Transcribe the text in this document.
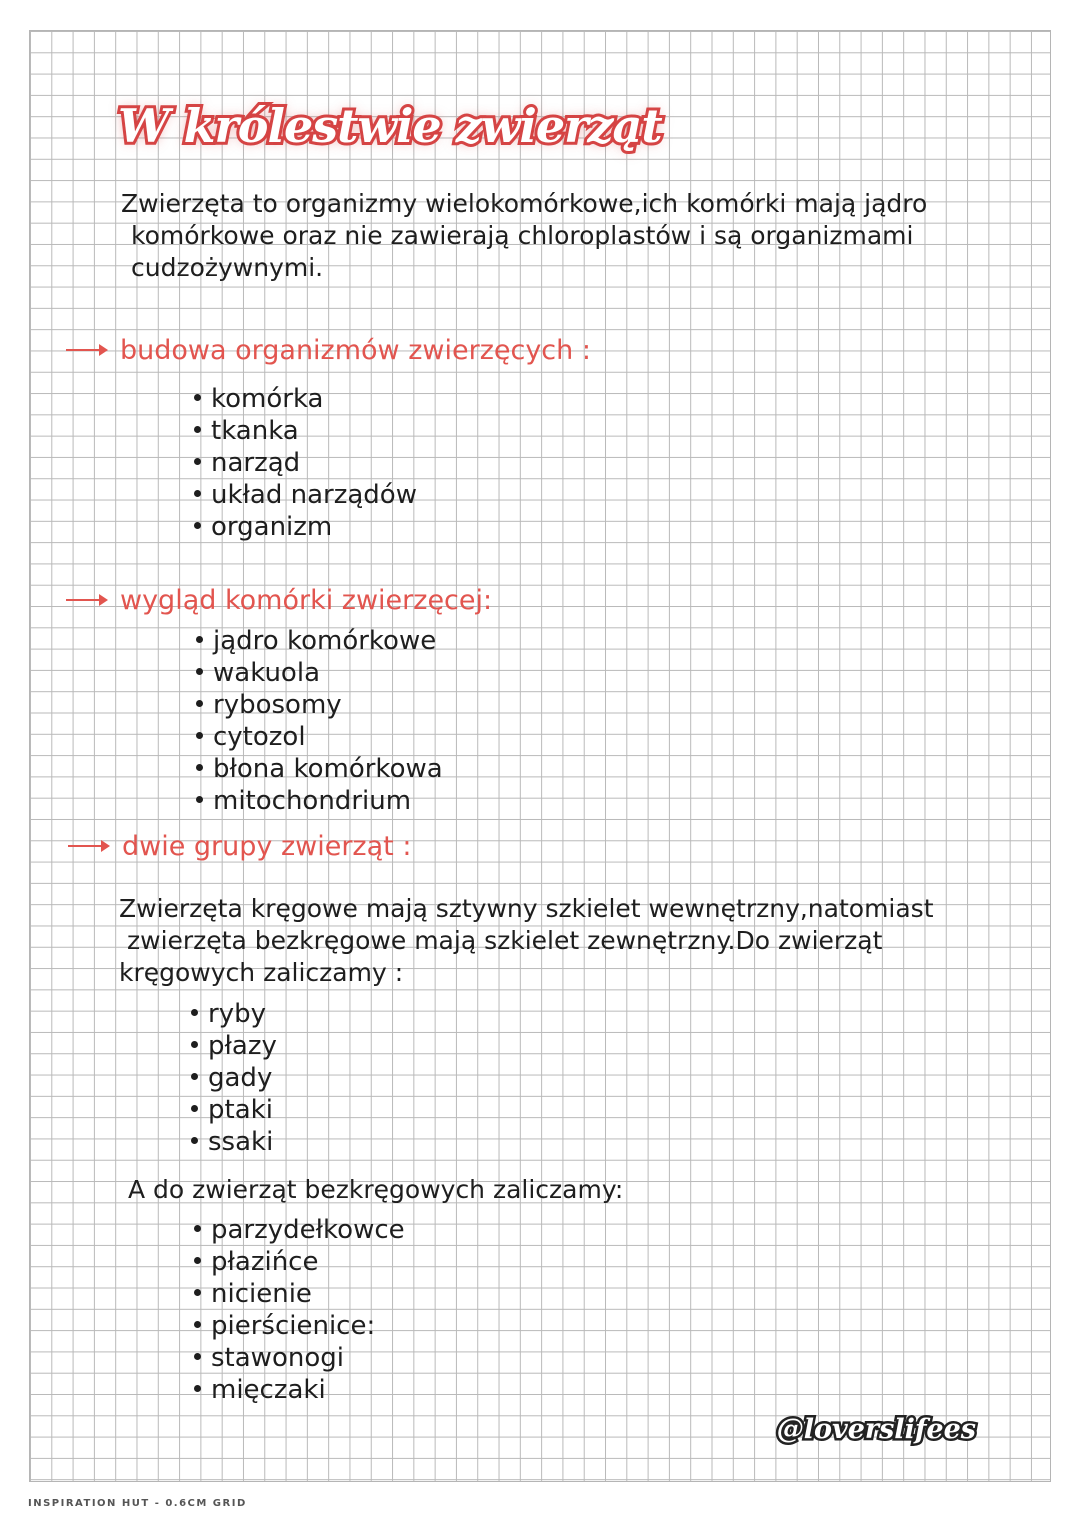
W królestwie zwierząt
Zwierzęta to organizmy wielokomórkowe,ich komórki mają jądro
komórkowe oraz nie zawierają chloroplastów i są organizmami
cudzożywnymi.
budowa organizmów zwierzęcych :
komórka
tkanka
narząd
układ narządów
organizm
wygląd komórki zwierzęcej:
jądro komórkowe
wakuola
rybosomy
cytozol
błona komórkowa
mitochondrium
dwie grupy zwierząt :
Zwierzęta kręgowe mają sztywny szkielet wewnętrzny,natomiast
zwierzęta bezkręgowe mają szkielet zewnętrzny.Do zwierząt
kręgowych zaliczamy :
ryby
płazy
gady
ptaki
ssaki
A do zwierząt bezkręgowych zaliczamy:
parzydełkowce
płazińce
nicienie
pierścienice:
stawonogi
mięczaki
@loverslifees
INSPIRATION HUT - 0.6CM GRID
